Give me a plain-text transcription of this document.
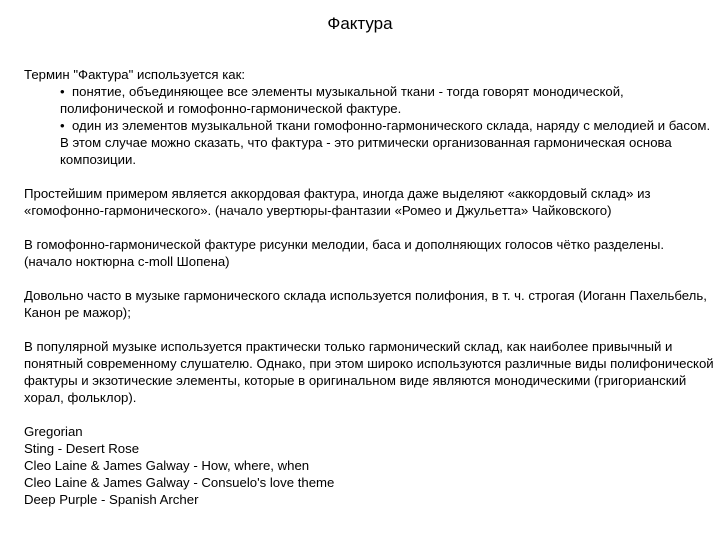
Фактура
Термин "Фактура" используется как:
• понятие, объединяющее все элементы музыкальной ткани - тогда говорят монодической, полифонической и гомофонно-гармонической фактуре.
• один из элементов музыкальной ткани гомофонно-гармонического склада, наряду с мелодией и басом. В этом случае можно сказать, что фактура - это ритмически организованная гармоническая основа композиции.

Простейшим примером является аккордовая фактура, иногда даже выделяют «аккордовый склад» из «гомофонно-гармонического». (начало увертюры-фантазии «Ромео и Джульетта» Чайковского)

В гомофонно-гармонической фактуре рисунки мелодии, баса и дополняющих голосов чётко разделены. (начало ноктюрна c-moll Шопена)

Довольно часто в музыке гармонического склада используется полифония, в т. ч. строгая (Иоганн Пахельбель, Канон ре мажор);

В популярной музыке используется практически только гармонический склад, как наиболее привычный и понятный современному слушателю. Однако, при этом широко используются различные виды полифонической фактуры и экзотические элементы, которые в оригинальном виде являются монодическими (григорианский хорал, фольклор).

Gregorian
Sting - Desert Rose
Cleo Laine & James Galway - How, where, when
Cleo Laine & James Galway - Consuelo's love theme
Deep Purple - Spanish Archer
